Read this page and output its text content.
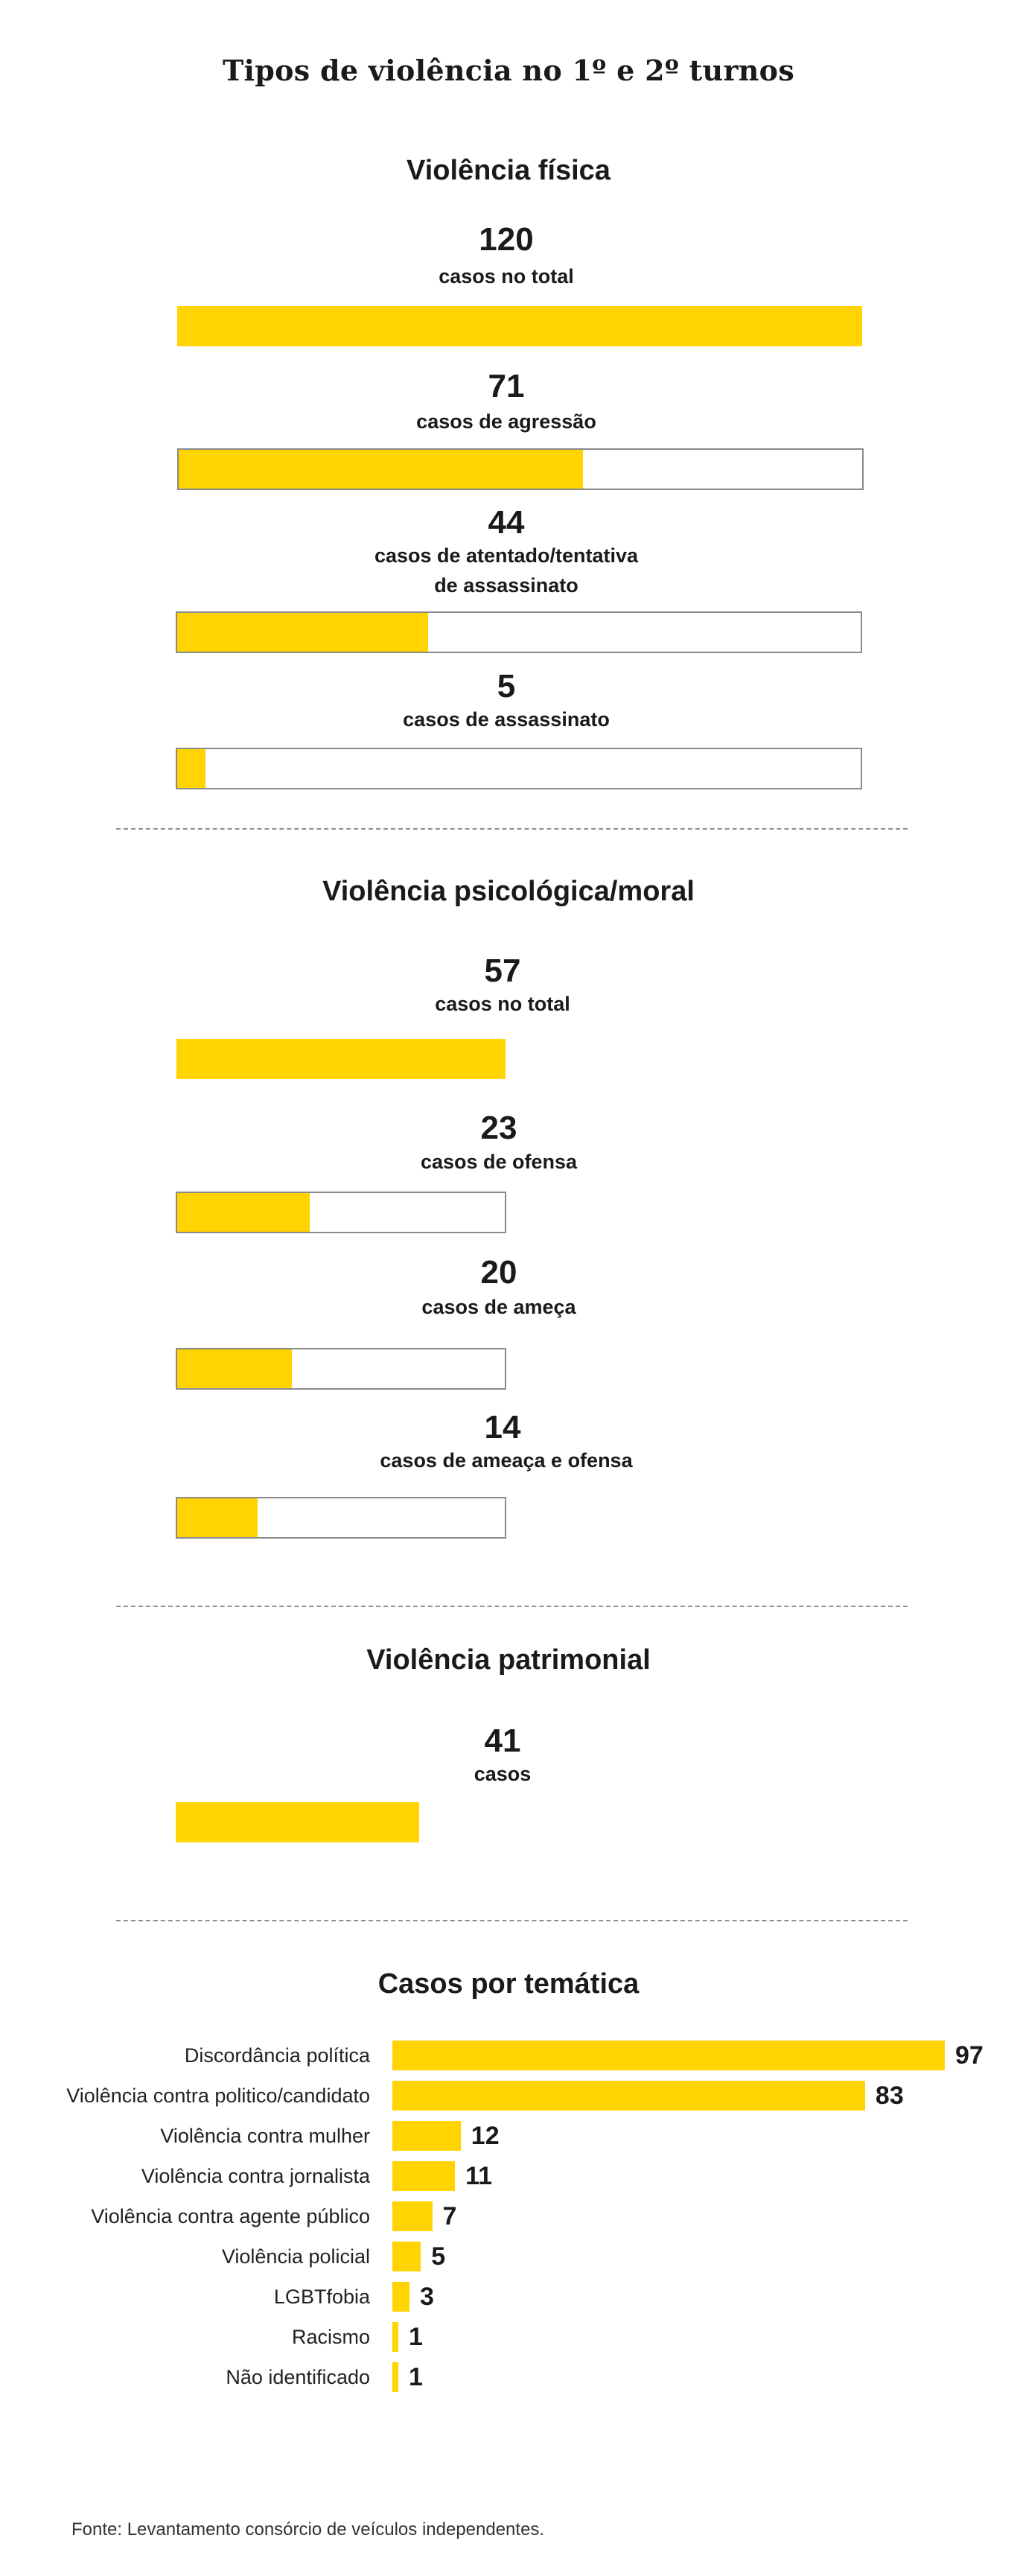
Tipos de violência no 1º e 2º turnos
Violência física
120
casos no total
71
casos de agressão
44
casos de atentado/tentativa
de assassinato
5
casos de assassinato
Violência psicológica/moral
57
casos no total
23
casos de ofensa
20
casos de ameça
14
casos de ameaça e ofensa
Violência patrimonial
41
casos
Casos por temática
Discordância política	97
Violência contra politico/candidato	83
Violência contra mulher	12
Violência contra jornalista	11
Violência contra agente público	7
Violência policial 5
LGBTfobia 3
Racismo 1
Não identificado 1
Fonte: Levantamento consórcio de veículos independentes.
